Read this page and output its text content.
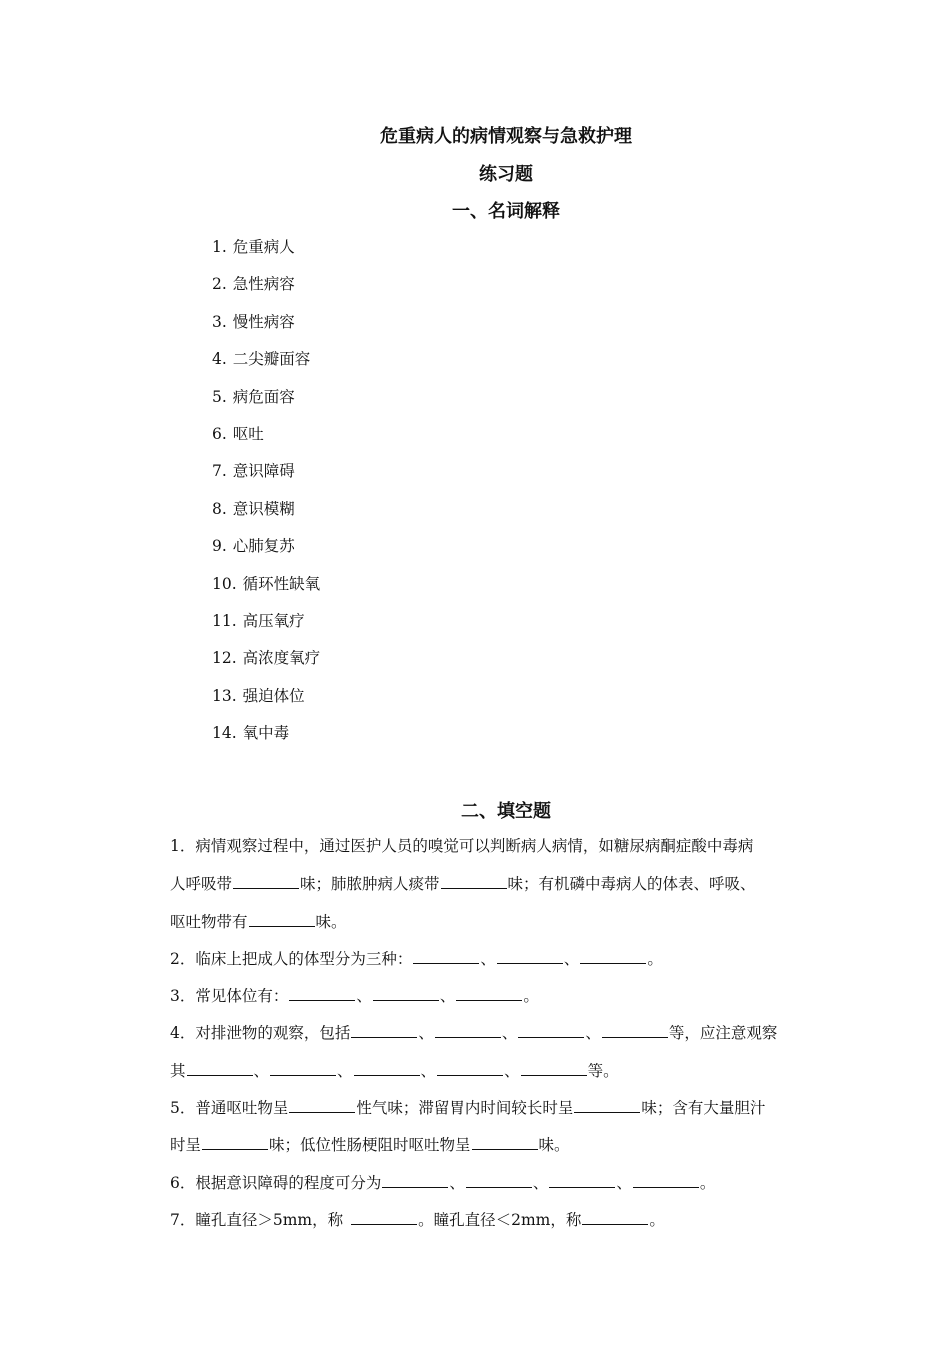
危重病人的病情观察与急救护理
练习题
一、名词解释
1. 危重病人
2. 急性病容
3. 慢性病容
4. 二尖瓣面容
5. 病危面容
6. 呕吐
7. 意识障碍
8. 意识模糊
9. 心肺复苏
10. 循环性缺氧
11. 高压氧疗
12. 高浓度氧疗
13. 强迫体位
14. 氧中毒
二、填空题
1．病情观察过程中，通过医护人员的嗅觉可以判断病人病情，如糖尿病酮症酸中毒病
人呼吸带	味；肺脓肿病人痰带	味；有机磷中毒病人的体表、呼吸、
呕吐物带有	味。
2．临床上把成人的体型分为三种：	、	、	。
3．常见体位有：	、	、	。
4．对排泄物的观察，包括	、	、	、	等，应注意观察
其	、	、	、	、	等。
5．普通呕吐物呈	性气味；滞留胃内时间较长时呈	味；含有大量胆汁
时呈	味；低位性肠梗阻时呕吐物呈	味。
6．根据意识障碍的程度可分为	、	、	、	。
7．瞳孔直径＞5mm，称	。瞳孔直径＜2mm，称	。
